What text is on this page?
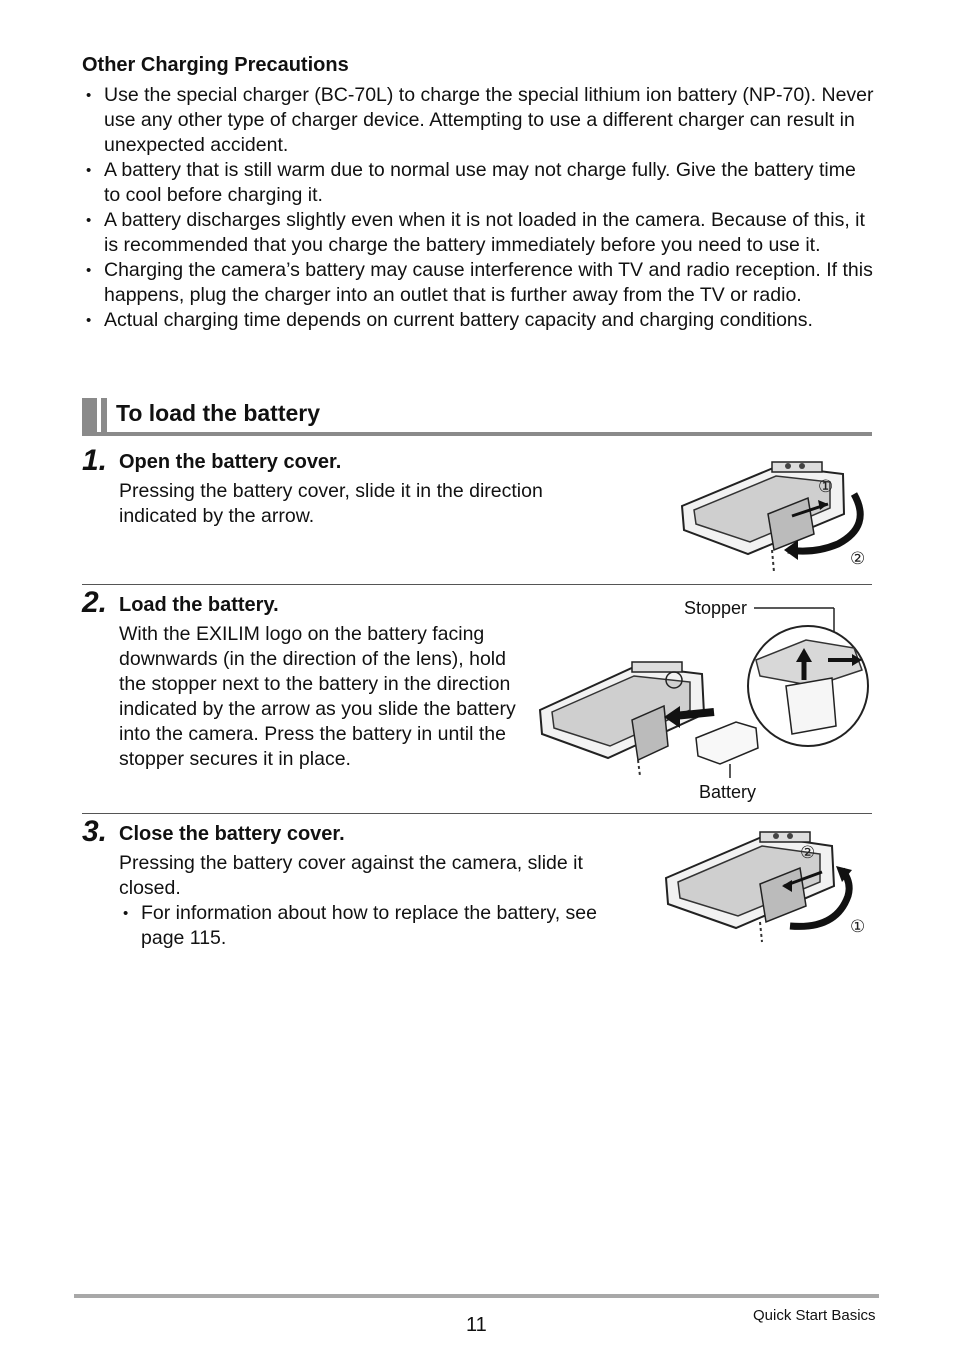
Other Charging Precautions
• Use the special charger (BC-70L) to charge the special lithium ion battery (NP-70). Never use any other type of charger device. Attempting to use a different charger can result in unexpected accident.
• A battery that is still warm due to normal use may not charge fully. Give the battery time to cool before charging it.
• A battery discharges slightly even when it is not loaded in the camera. Because of this, it is recommended that you charge the battery immediately before you need to use it.
• Charging the camera’s battery may cause interference with TV and radio reception. If this happens, plug the charger into an outlet that is further away from the TV or radio.
• Actual charging time depends on current battery capacity and charging conditions.
To load the battery
1. Open the battery cover.
Pressing the battery cover, slide it in the direction indicated by the arrow.
①
②
2. Load the battery.
With the EXILIM logo on the battery facing downwards (in the direction of the lens), hold the stopper next to the battery in the direction indicated by the arrow as you slide the battery into the camera. Press the battery in until the stopper secures it in place.
Stopper
Battery
3. Close the battery cover.
Pressing the battery cover against the camera, slide it closed.
• For information about how to replace the battery, see page 115.
②
①
11	Quick Start Basics
